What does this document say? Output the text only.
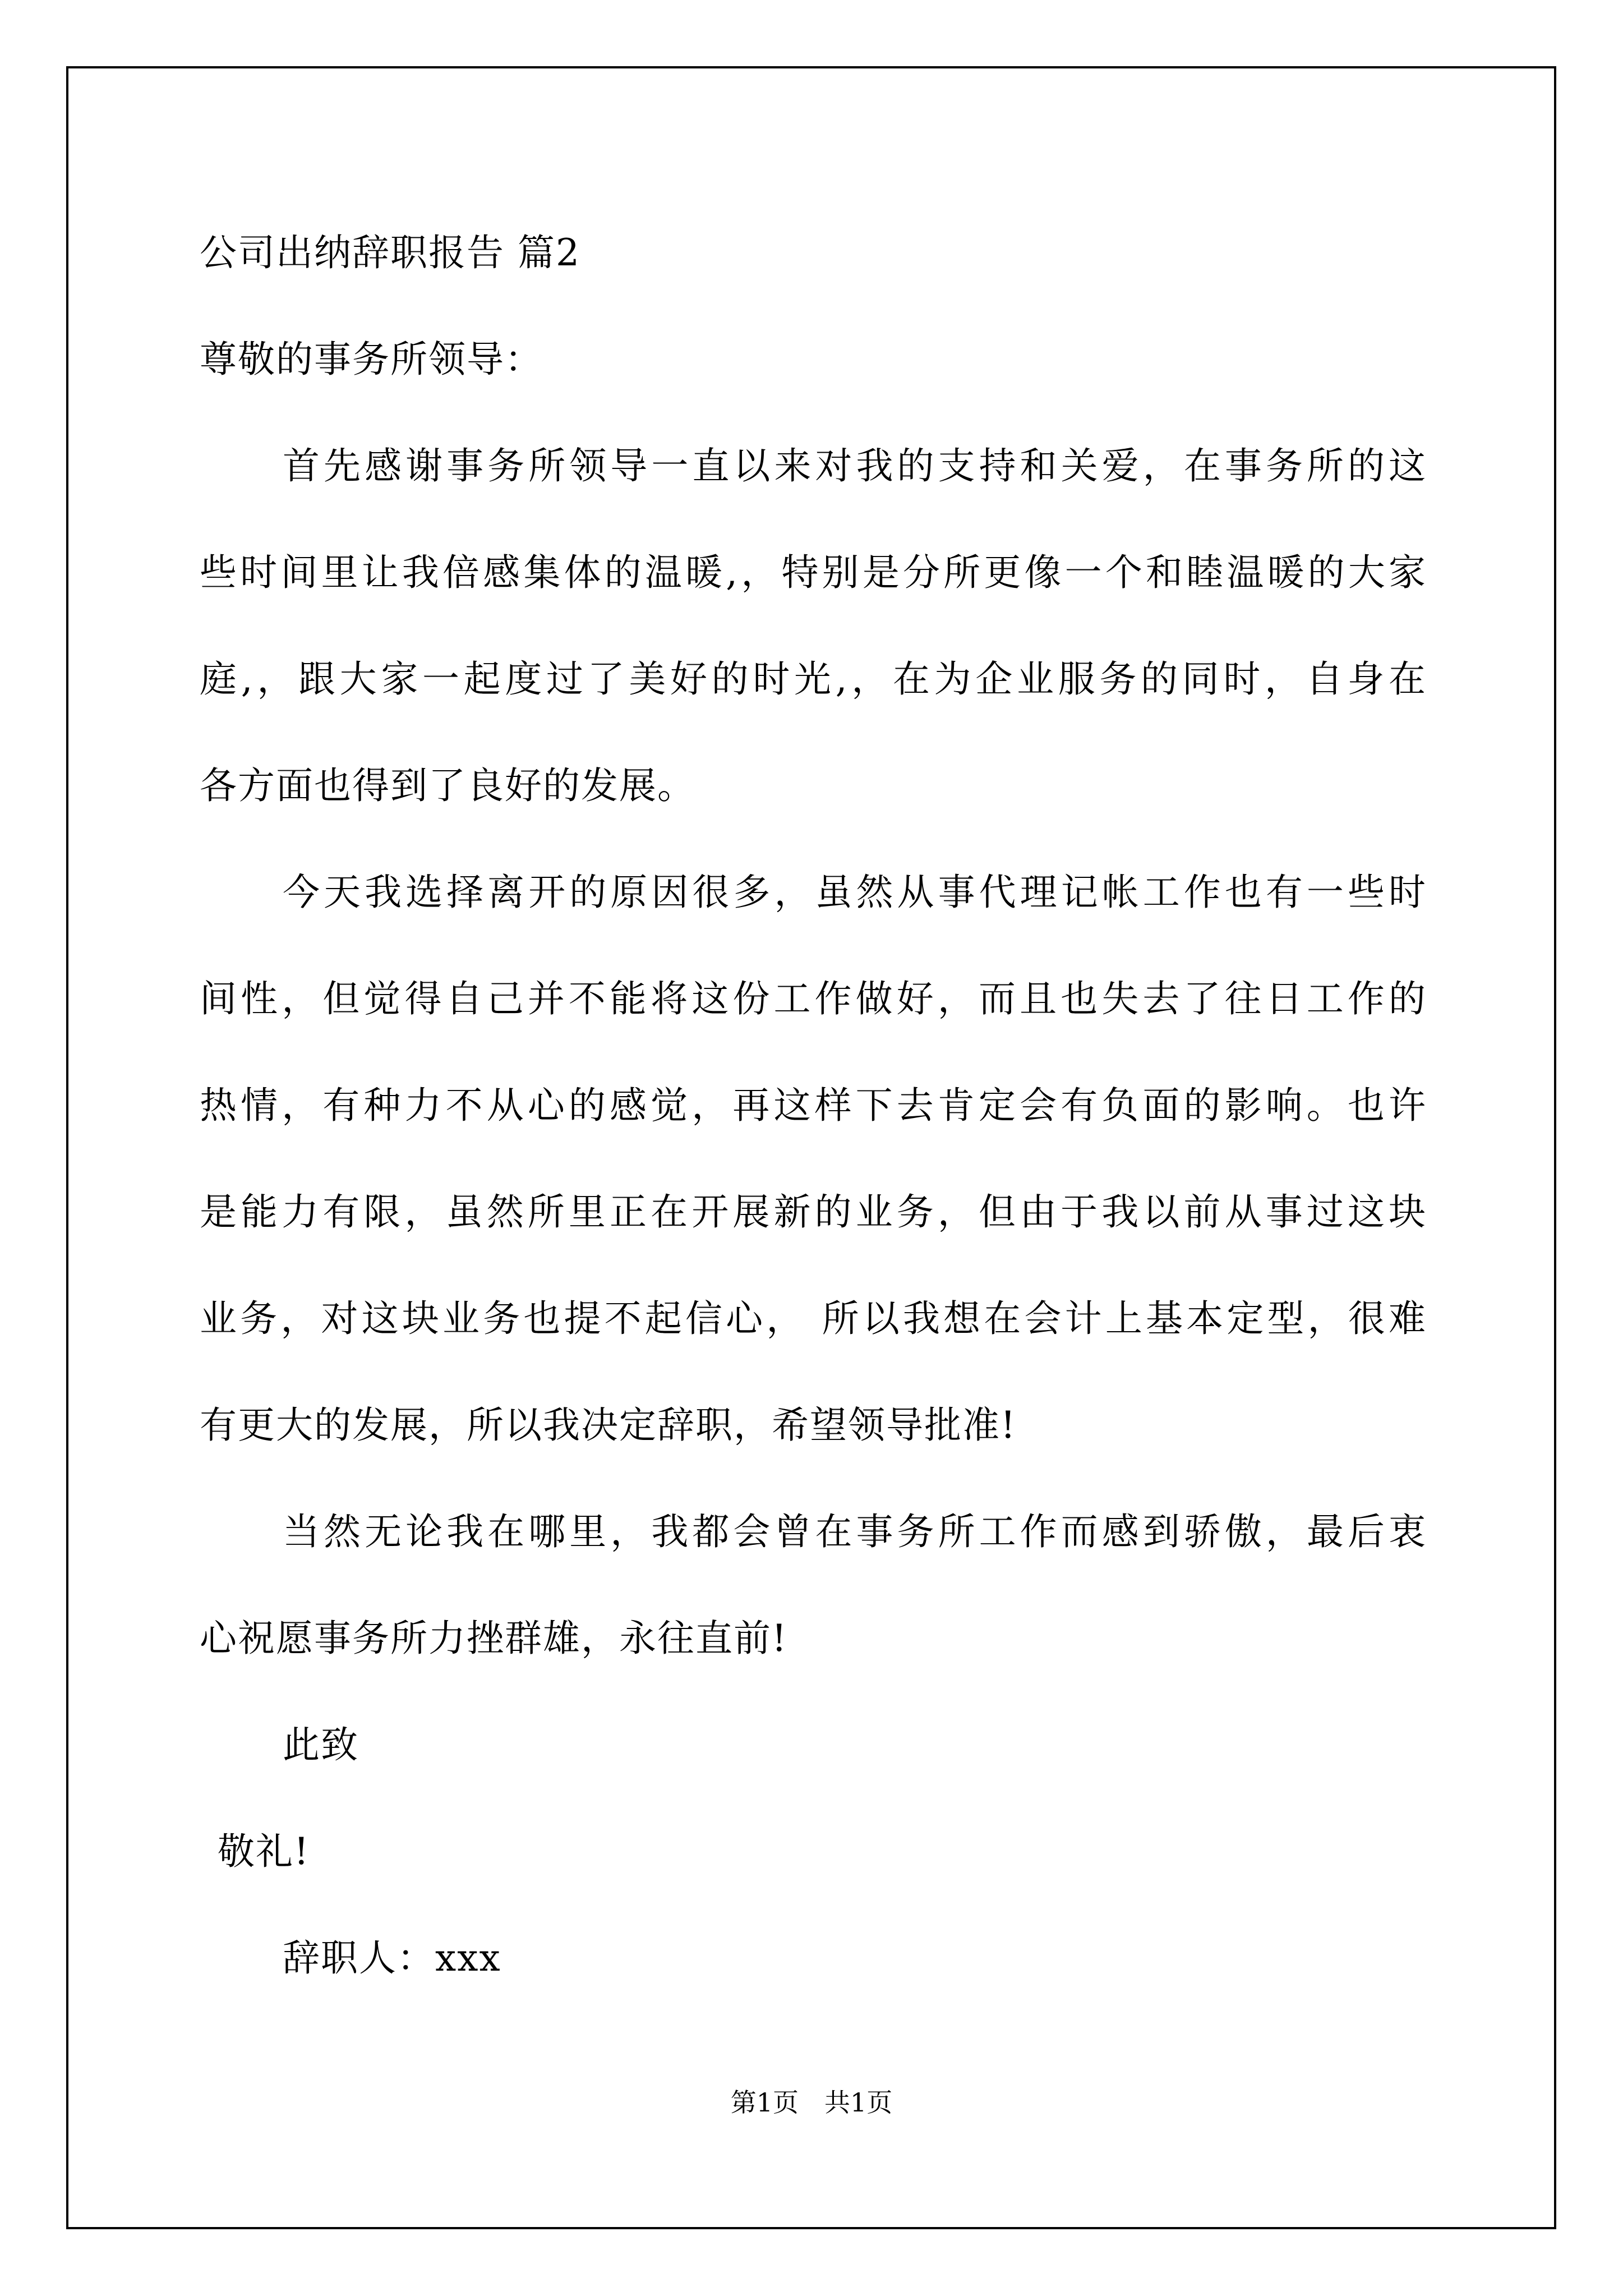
公司出纳辞职报告 篇2
尊敬的事务所领导：
首先感谢事务所领导一直以来对我的支持和关爱，在事务所的这
些时间里让我倍感集体的温暖,，特别是分所更像一个和睦温暖的大家
庭,，跟大家一起度过了美好的时光,，在为企业服务的同时，自身在
各方面也得到了良好的发展。
今天我选择离开的原因很多，虽然从事代理记帐工作也有一些时
间性，但觉得自己并不能将这份工作做好，而且也失去了往日工作的
热情，有种力不从心的感觉，再这样下去肯定会有负面的影响。也许
是能力有限，虽然所里正在开展新的业务，但由于我以前从事过这块
业务，对这块业务也提不起信心， 所以我想在会计上基本定型，很难
有更大的发展，所以我决定辞职，希望领导批准!
当然无论我在哪里，我都会曾在事务所工作而感到骄傲，最后衷
心祝愿事务所力挫群雄，永往直前!
此致
敬礼!
辞职人：xxx
第1页　共1页
